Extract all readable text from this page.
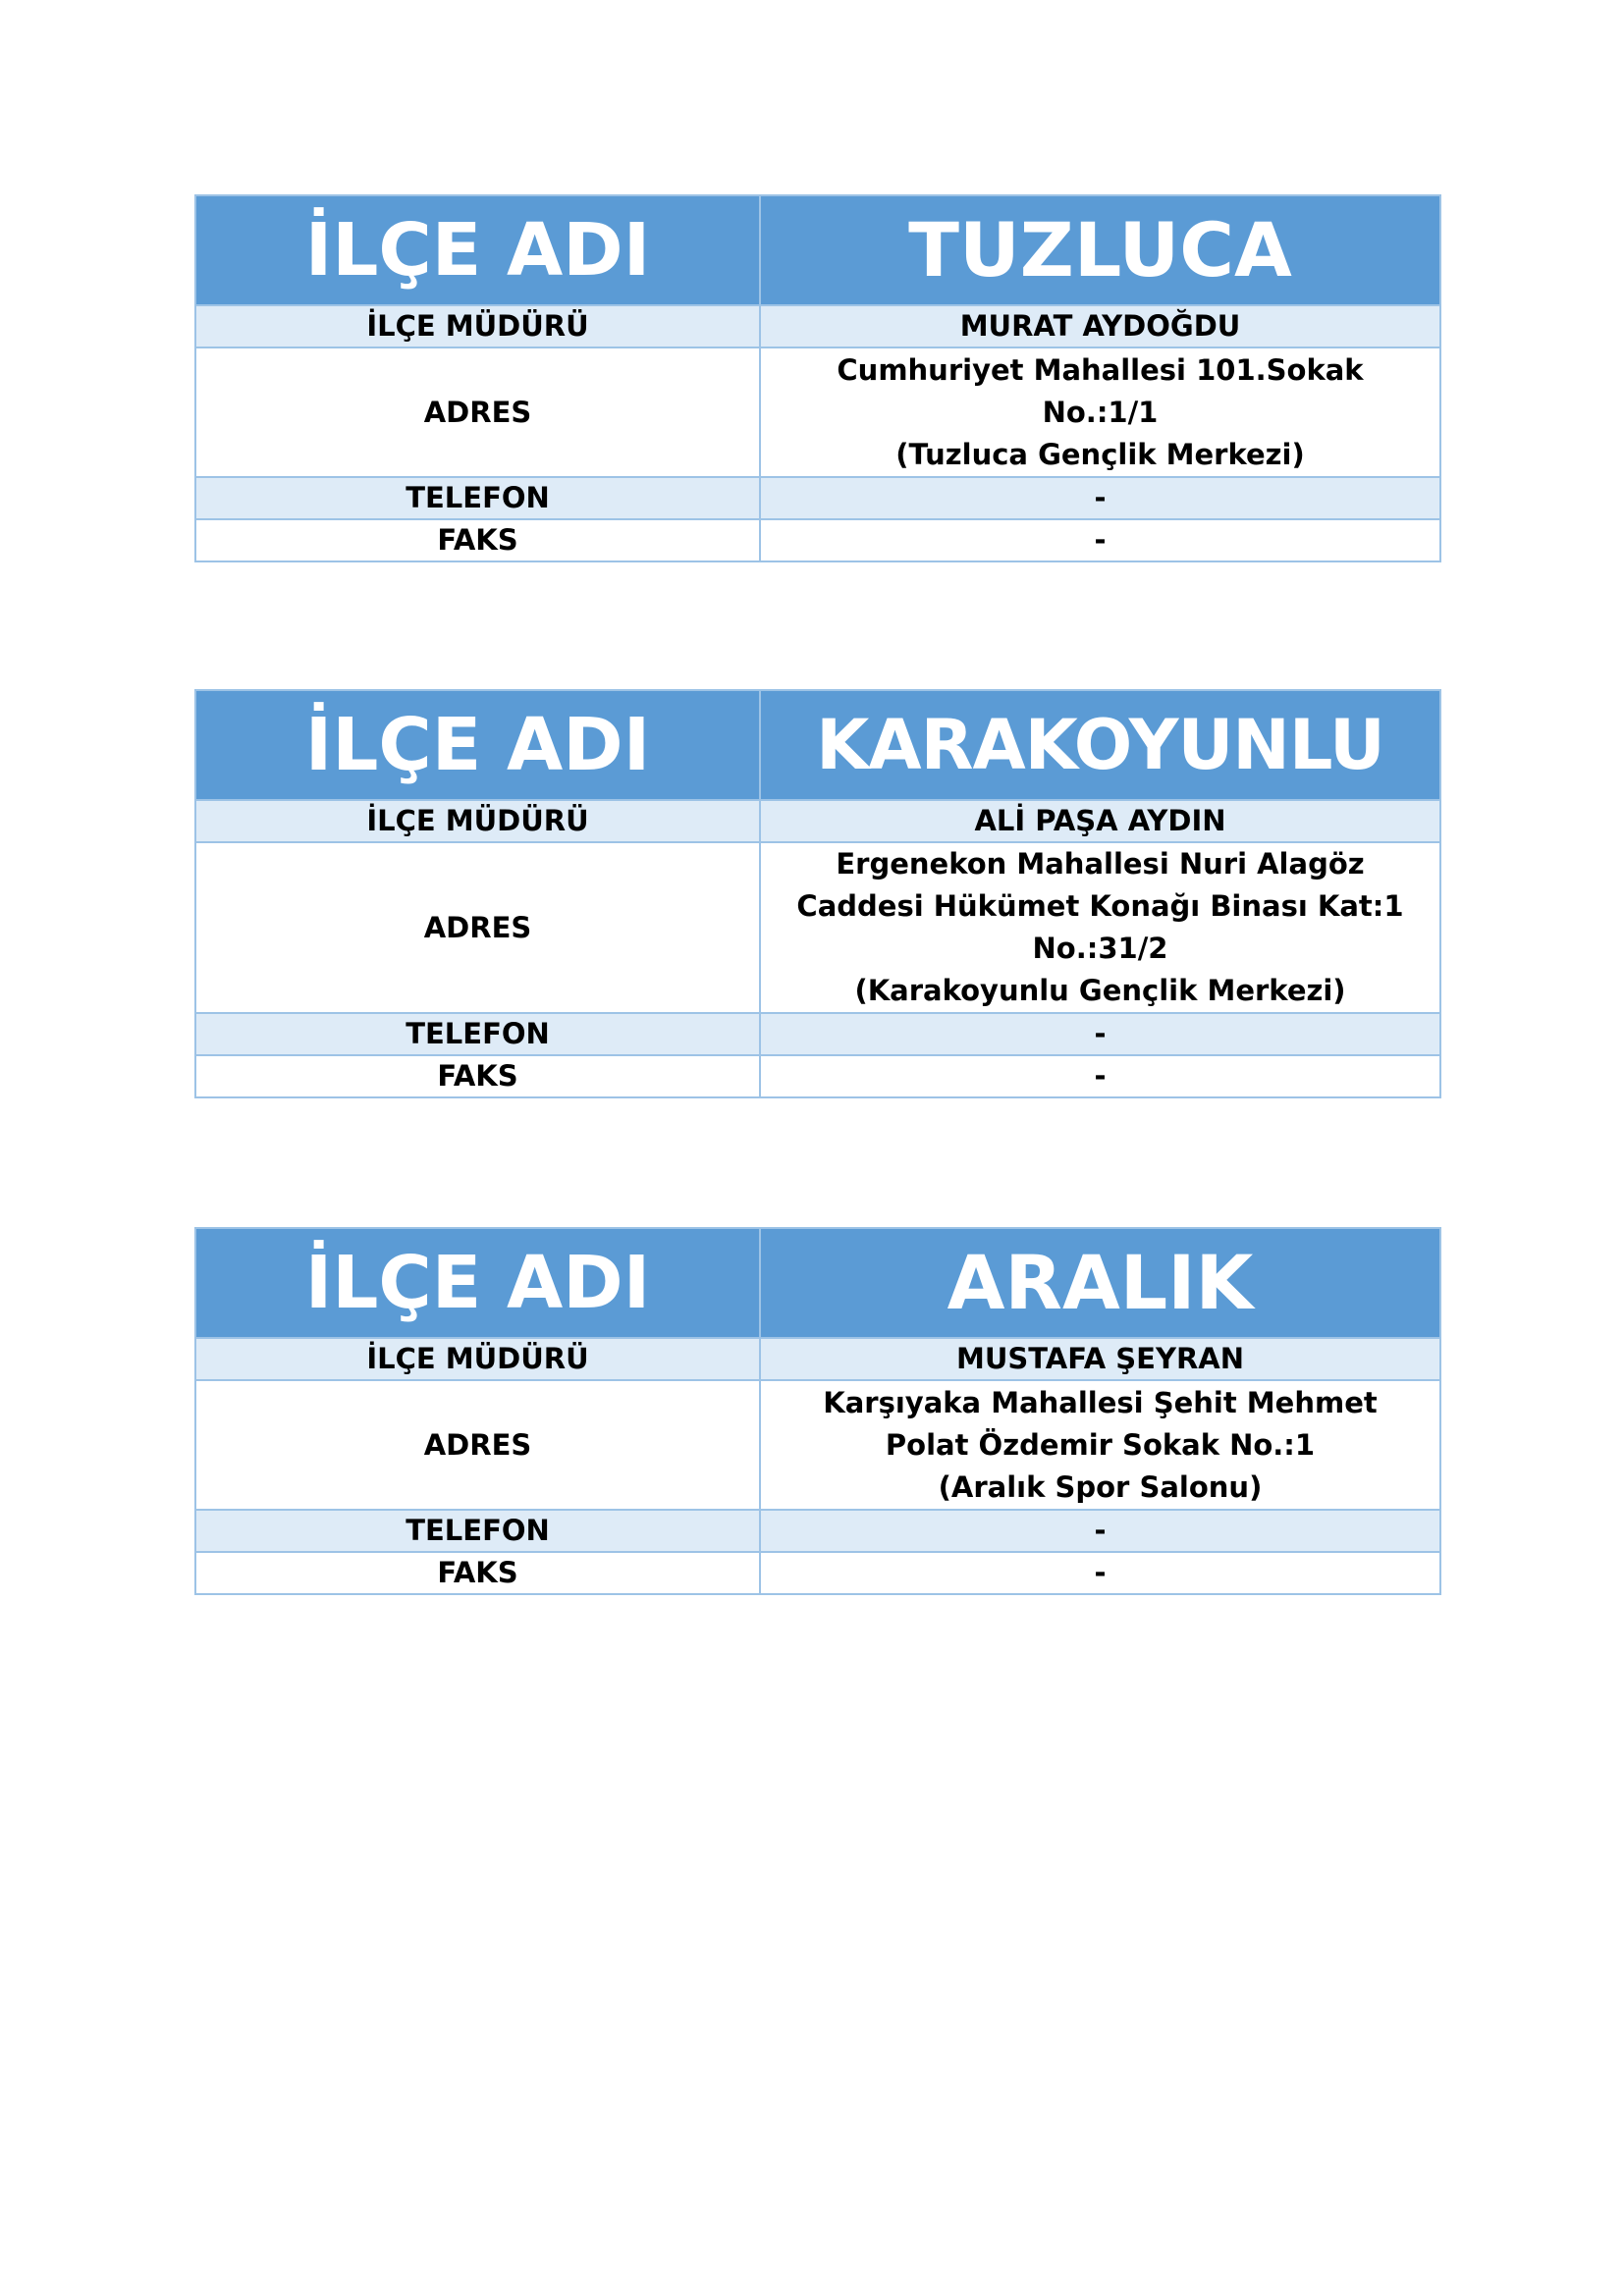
İLÇE ADI	TUZLUCA
İLÇE MÜDÜRÜ	MURAT AYDOĞDU
ADRES	Cumhuriyet Mahallesi 101.Sokak
No.:1/1
(Tuzluca Gençlik Merkezi)

TELEFON	-
FAKS	-
İLÇE ADI	KARAKOYUNLU
İLÇE MÜDÜRÜ	ALİ PAŞA AYDIN
ADRES	Ergenekon Mahallesi Nuri Alagöz
Caddesi Hükümet Konağı Binası Kat:1
No.:31/2
(Karakoyunlu Gençlik Merkezi)

TELEFON	-
FAKS	-
İLÇE ADI	ARALIK
İLÇE MÜDÜRÜ	MUSTAFA ŞEYRAN
ADRES	Karşıyaka Mahallesi Şehit Mehmet
Polat Özdemir Sokak No.:1
(Aralık Spor Salonu)

TELEFON	-
FAKS	-
